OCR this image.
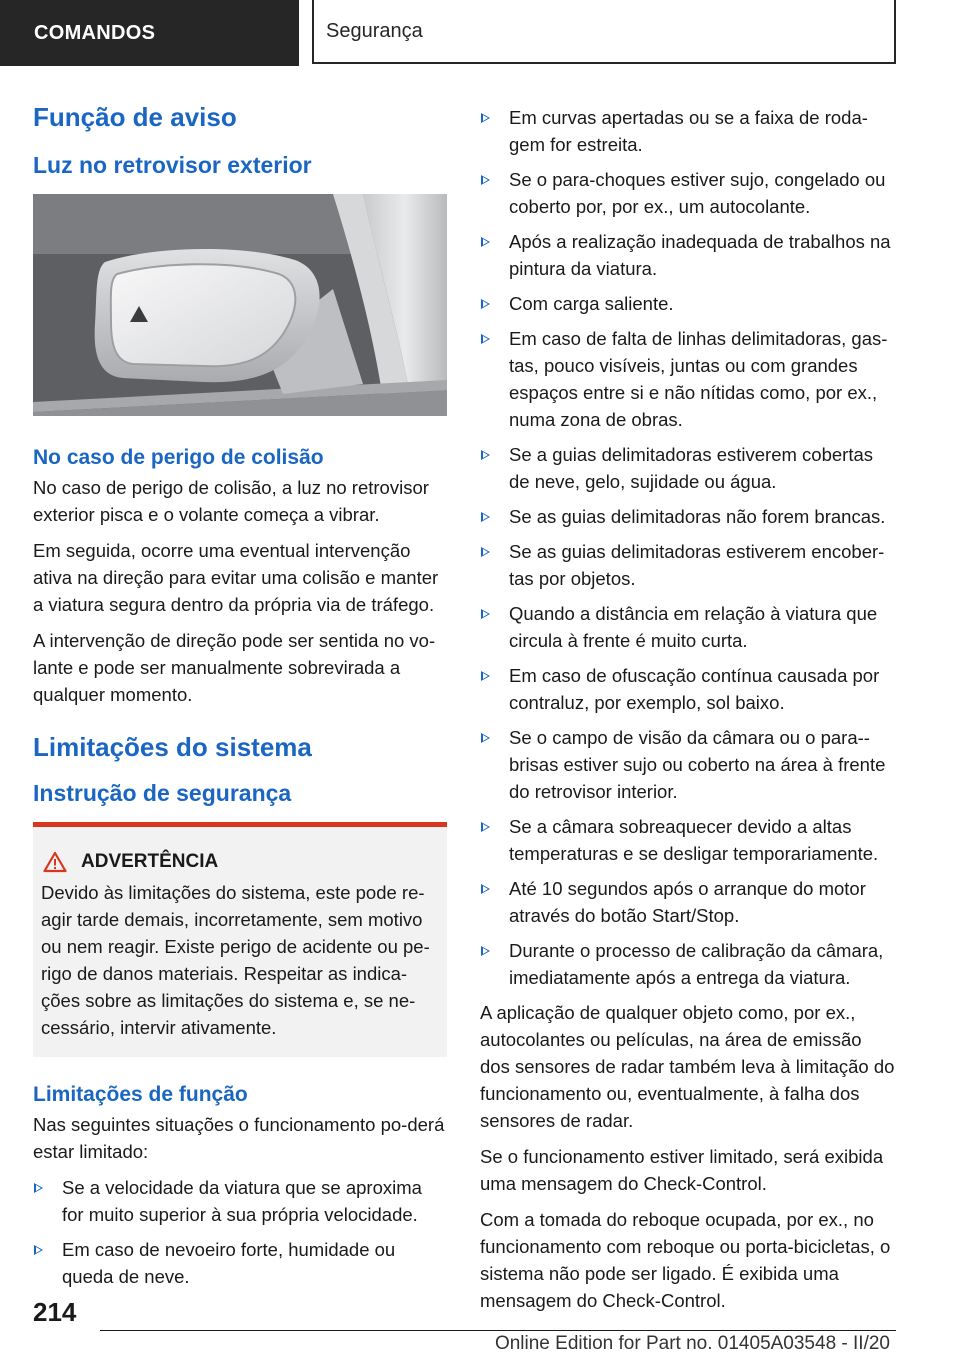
COMANDOS	Segurança
Função de aviso
Luz no retrovisor exterior
No caso de perigo de colisão

No caso de perigo de colisão, a luz no retrovisor exterior pisca e o volante começa a vibrar.

Em seguida, ocorre uma eventual intervenção ativa na direção para evitar uma colisão e manter a viatura segura dentro da própria via de tráfego.

A intervenção de direção pode ser sentida no vo-lante e pode ser manualmente sobrevirada a qualquer momento.

Limitações do sistema
Instrução de segurança
ADVERTÊNCIA

Devido às limitações do sistema, este pode re-agir tarde demais, incorretamente, sem motivo ou nem reagir. Existe perigo de acidente ou pe-rigo de danos materiais. Respeitar as indica-ções sobre as limitações do sistema e, se ne-cessário, intervir ativamente.

Limitações de função

Nas seguintes situações o funcionamento po-derá estar limitado:

Se a velocidade da viatura que se aproxima for muito superior à sua própria velocidade.
Em caso de nevoeiro forte, humidade ou queda de neve.
Em curvas apertadas ou se a faixa de roda-gem for estreita.
Se o para-choques estiver sujo, congelado ou coberto por, por ex., um autocolante.
Após a realização inadequada de trabalhos na pintura da viatura.
Com carga saliente.
Em caso de falta de linhas delimitadoras, gas-tas, pouco visíveis, juntas ou com grandes espaços entre si e não nítidas como, por ex., numa zona de obras.
Se a guias delimitadoras estiverem cobertas de neve, gelo, sujidade ou água.
Se as guias delimitadoras não forem brancas.
Se as guias delimitadoras estiverem encober-tas por objetos.
Quando a distância em relação à viatura que circula à frente é muito curta.
Em caso de ofuscação contínua causada por contraluz, por exemplo, sol baixo.
Se o campo de visão da câmara ou o para--brisas estiver sujo ou coberto na área à frente do retrovisor interior.
Se a câmara sobreaquecer devido a altas temperaturas e se desligar temporariamente.
Até 10 segundos após o arranque do motor através do botão Start/Stop.
Durante o processo de calibração da câmara, imediatamente após a entrega da viatura.

A aplicação de qualquer objeto como, por ex., autocolantes ou películas, na área de emissão dos sensores de radar também leva à limitação do funcionamento ou, eventualmente, à falha dos sensores de radar.

Se o funcionamento estiver limitado, será exibida uma mensagem do Check-Control.

Com a tomada do reboque ocupada, por ex., no funcionamento com reboque ou porta-bicicletas, o sistema não pode ser ligado. É exibida uma mensagem do Check-Control.

214
Online Edition for Part no. 01405A03548 - II/20
